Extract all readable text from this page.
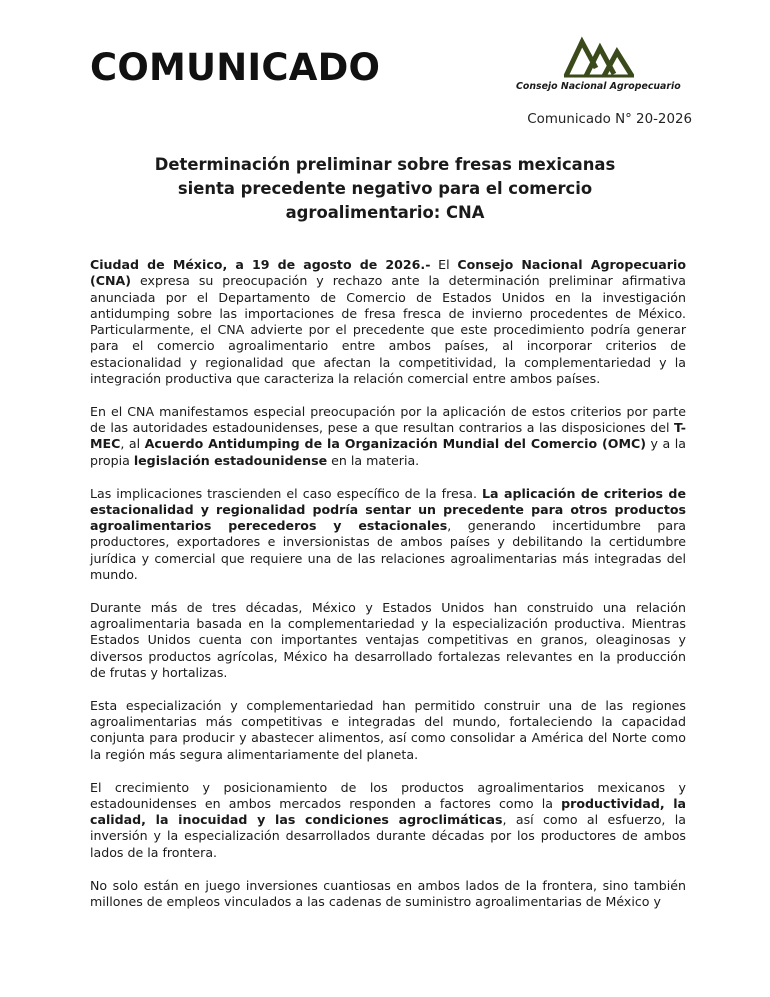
COMUNICADO	Consejo Nacional Agropecuario

Comunicado N° 20-2026

Determinación preliminar sobre fresas mexicanas
sienta precedente negativo para el comercio
agroalimentario: CNA

Ciudad de México, a 19 de agosto de 2026.- El Consejo Nacional Agropecuario (CNA) expresa su preocupación y rechazo ante la determinación preliminar afirmativa anunciada por el Departamento de Comercio de Estados Unidos en la investigación antidumping sobre las importaciones de fresa fresca de invierno procedentes de México. Particularmente, el CNA advierte por el precedente que este procedimiento podría generar para el comercio agroalimentario entre ambos países, al incorporar criterios de estacionalidad y regionalidad que afectan la competitividad, la complementariedad y la integración productiva que caracteriza la relación comercial entre ambos países.

En el CNA manifestamos especial preocupación por la aplicación de estos criterios por parte de las autoridades estadounidenses, pese a que resultan contrarios a las disposiciones del T-MEC, al Acuerdo Antidumping de la Organización Mundial del Comercio (OMC) y a la propia legislación estadounidense en la materia.

Las implicaciones trascienden el caso específico de la fresa. La aplicación de criterios de estacionalidad y regionalidad podría sentar un precedente para otros productos agroalimentarios perecederos y estacionales, generando incertidumbre para productores, exportadores e inversionistas de ambos países y debilitando la certidumbre jurídica y comercial que requiere una de las relaciones agroalimentarias más integradas del mundo.

Durante más de tres décadas, México y Estados Unidos han construido una relación agroalimentaria basada en la complementariedad y la especialización productiva. Mientras Estados Unidos cuenta con importantes ventajas competitivas en granos, oleaginosas y diversos productos agrícolas, México ha desarrollado fortalezas relevantes en la producción de frutas y hortalizas.

Esta especialización y complementariedad han permitido construir una de las regiones agroalimentarias más competitivas e integradas del mundo, fortaleciendo la capacidad conjunta para producir y abastecer alimentos, así como consolidar a América del Norte como la región más segura alimentariamente del planeta.

El crecimiento y posicionamiento de los productos agroalimentarios mexicanos y estadounidenses en ambos mercados responden a factores como la productividad, la calidad, la inocuidad y las condiciones agroclimáticas, así como al esfuerzo, la inversión y la especialización desarrollados durante décadas por los productores de ambos lados de la frontera.

No solo están en juego inversiones cuantiosas en ambos lados de la frontera, sino también millones de empleos vinculados a las cadenas de suministro agroalimentarias de México y
